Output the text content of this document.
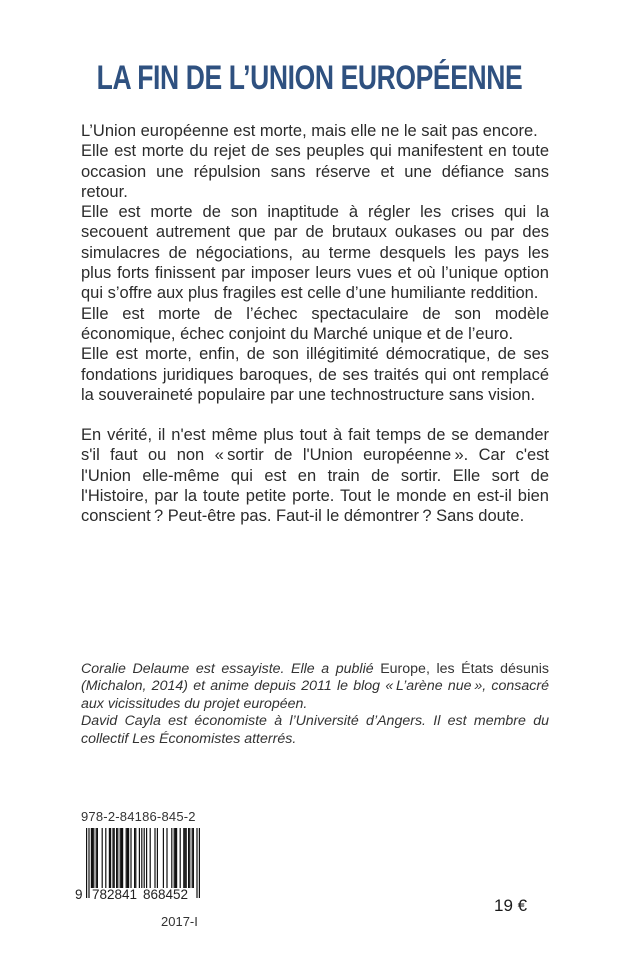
LA FIN DE L’UNION EUROPÉENNE

L’Union européenne est morte, mais elle ne le sait pas encore.

Elle est morte du rejet de ses peuples qui manifestent en toute occasion une répulsion sans réserve et une défiance sans retour.

Elle est morte de son inaptitude à régler les crises qui la secouent autrement que par de brutaux oukases ou par des simulacres de négociations, au terme desquels les pays les plus forts finissent par imposer leurs vues et où l’unique option qui s’offre aux plus fragiles est celle d’une humiliante reddition.

Elle est morte de l’échec spectaculaire de son modèle économique, échec conjoint du Marché unique et de l’euro.

Elle est morte, enfin, de son illégitimité démocratique, de ses fondations juridiques baroques, de ses traités qui ont remplacé la souveraineté populaire par une technostructure sans vision.

En vérité, il n'est même plus tout à fait temps de se demander s'il faut ou non « sortir de l'Union européenne ». Car c'est l'Union elle-même qui est en train de sortir. Elle sort de l'Histoire, par la toute petite porte. Tout le monde en est-il bien conscient ? Peut-être pas. Faut-il le démontrer ? Sans doute.

Coralie Delaume est essayiste. Elle a publié Europe, les États désunis (Michalon, 2014) et anime depuis 2011 le blog « L’arène nue », consacré aux vicissitudes du projet européen.

David Cayla est économiste à l’Université d’Angers. Il est membre du collectif Les Économistes atterrés.

978-2-84186-845-2
9 782841 868452
2017-I
19 €
